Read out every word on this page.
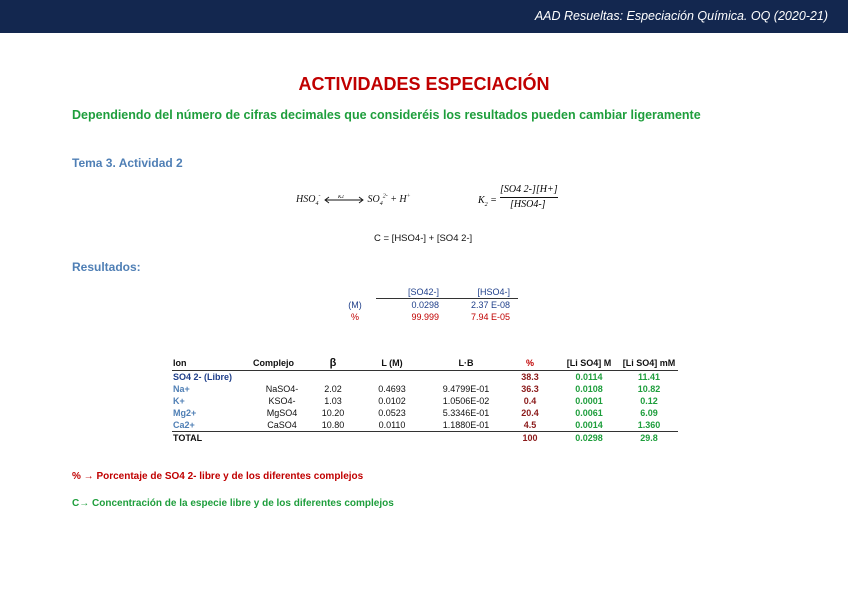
AAD Resueltas: Especiación Química. OQ (2020-21)
ACTIVIDADES ESPECIACIÓN
Dependiendo del número de cifras decimales que consideréis los resultados pueden cambiar ligeramente
Tema 3. Actividad 2
$HSO_4^-$	K2 $SO_4^{2-} + H^+$	$K_2$ =
[SO4 2-][H+]
[HSO4-]
C = [HSO4-] + [SO4 2-]
Resultados:
	[SO42-]	[HSO4-]
(M)	0.0298	2.37 E-08
%	99.999	7.94 E-05
Ion	Complejo	β	L (M)	L·B	%	[Li SO4] M	[Li SO4] mM
SO4 2- (Libre)					38.3	0.0114	11.41
Na+	NaSO4-	2.02	0.4693	9.4799E-01	36.3	0.0108	10.82
K+	KSO4-	1.03	0.0102	1.0506E-02	0.4	0.0001	0.12
Mg2+	MgSO4	10.20	0.0523	5.3346E-01	20.4	0.0061	6.09
Ca2+	CaSO4	10.80	0.0110	1.1880E-01	4.5	0.0014	1.360
TOTAL					100	0.0298	29.8
% → Porcentaje de SO4 2- libre y de los diferentes complejos
C→ Concentración de la especie libre y de los diferentes complejos
